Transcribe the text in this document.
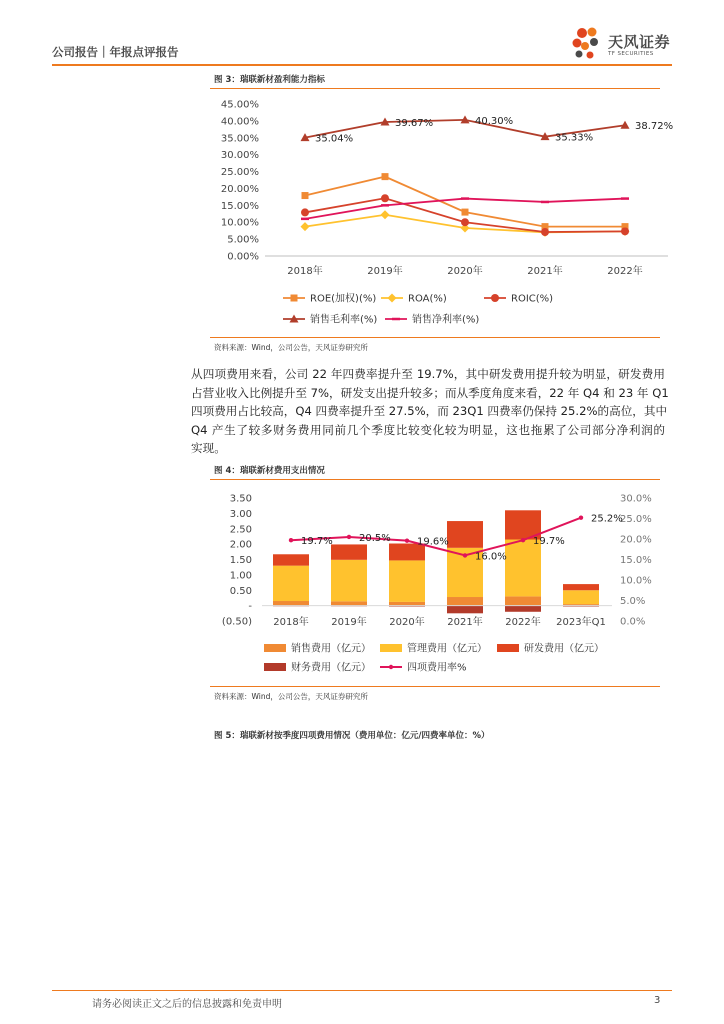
公司报告｜年报点评报告
天风证券
TF SECURITIES
图 3：瑞联新材盈利能力指标
0.00%
5.00%
10.00%
15.00%
20.00%
25.00%
30.00%
35.00%
40.00%
45.00%
2018年	2019年	2020年	2021年	2022年
35.04%
39.67%	40.30%
35.33%
38.72%
ROE(加权)(%)	ROA(%)	ROIC(%)
销售毛利率(%)	销售净利率(%)
资料来源：Wind，公司公告，天风证券研究所
从四项费用来看，公司 22 年四费率提升至 19.7%，其中研发费用提升较为明显，研发费用
占营业收入比例提升至 7%，研发支出提升较多；而从季度角度来看，22 年 Q4 和 23 年 Q1
四项费用占比较高，Q4 四费率提升至 27.5%，而 23Q1 四费率仍保持 25.2%的高位，其中
Q4 产生了较多财务费用同前几个季度比较变化较为明显，这也拖累了公司部分净利润的
实现。
图 4：瑞联新材费用支出情况
(0.50)
-
0.50
1.00
1.50
2.00
2.50
3.00
3.50
0.0%
5.0%
10.0%
15.0%
20.0%
25.0%
30.0%
2018年 2019年 2020年 2021年 2022年 2023年Q1
19.7%	20.5%	19.6%
16.0%
19.7%
25.2%
销售费用（亿元）	管理费用（亿元）	研发费用（亿元）
财务费用（亿元）	四项费用率%
资料来源：Wind，公司公告，天风证券研究所
图 5：瑞联新材按季度四项费用情况（费用单位：亿元/四费率单位：%）
请务必阅读正文之后的信息披露和免责申明	3
